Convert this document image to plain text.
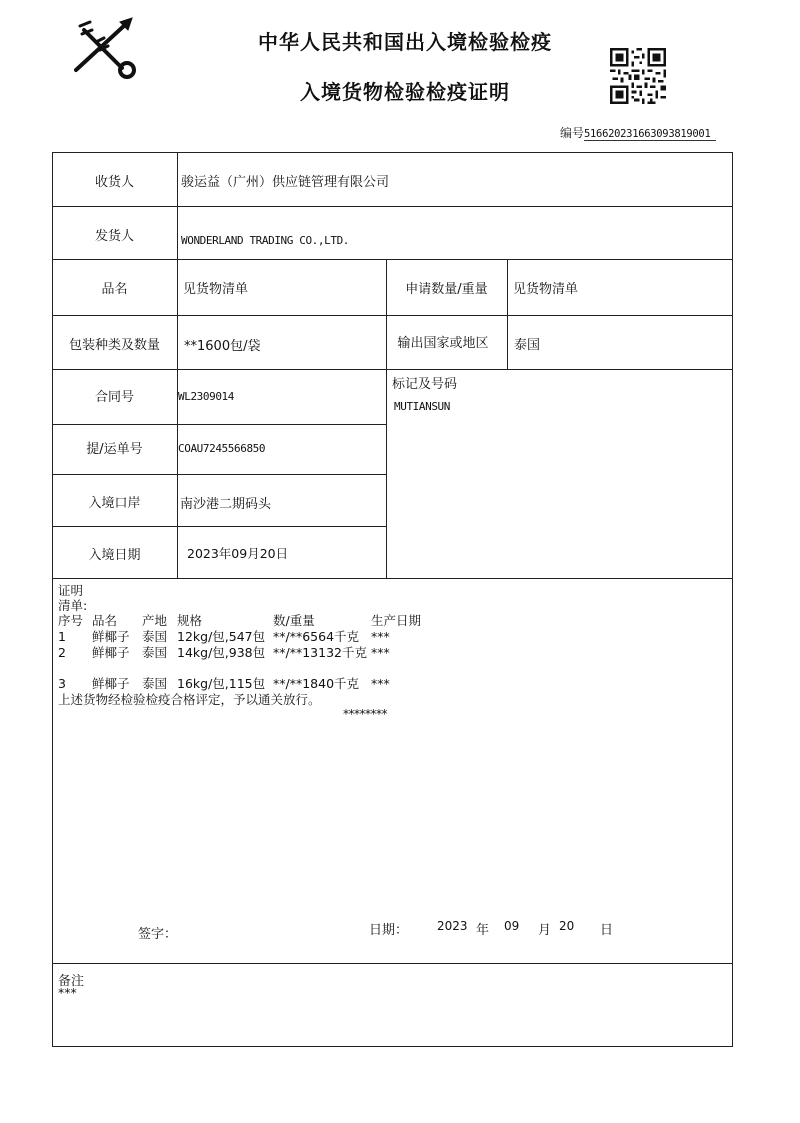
中华人民共和国出入境检验检疫
入境货物检验检疫证明
编号516620231663093819001
收货人	骏运益（广州）供应链管理有限公司
发货人	WONDERLAND TRADING CO.,LTD.
品名	见货物清单	申请数量/重量	见货物清单
包装种类及数量	**1600包/袋	输出国家或地区	泰国
合同号	WL2309014
标记及号码
MUTIANSUN
提/运单号	COAU7245566850
入境口岸	南沙港二期码头
入境日期	2023年09月20日
证明
清单:
序号 品名 产地 规格	数/重量	生产日期
1 鲜椰子 泰国 12kg/包,547包 **/**6564千克 ***
2 鲜椰子 泰国 14kg/包,938包 **/**13132千克 ***
3 鲜椰子 泰国 16kg/包,115包 **/**1840千克 ***
上述货物经检验检疫合格评定，予以通关放行。
********
签字：	日期： 2023 年 09 月 20 日
备注
***
